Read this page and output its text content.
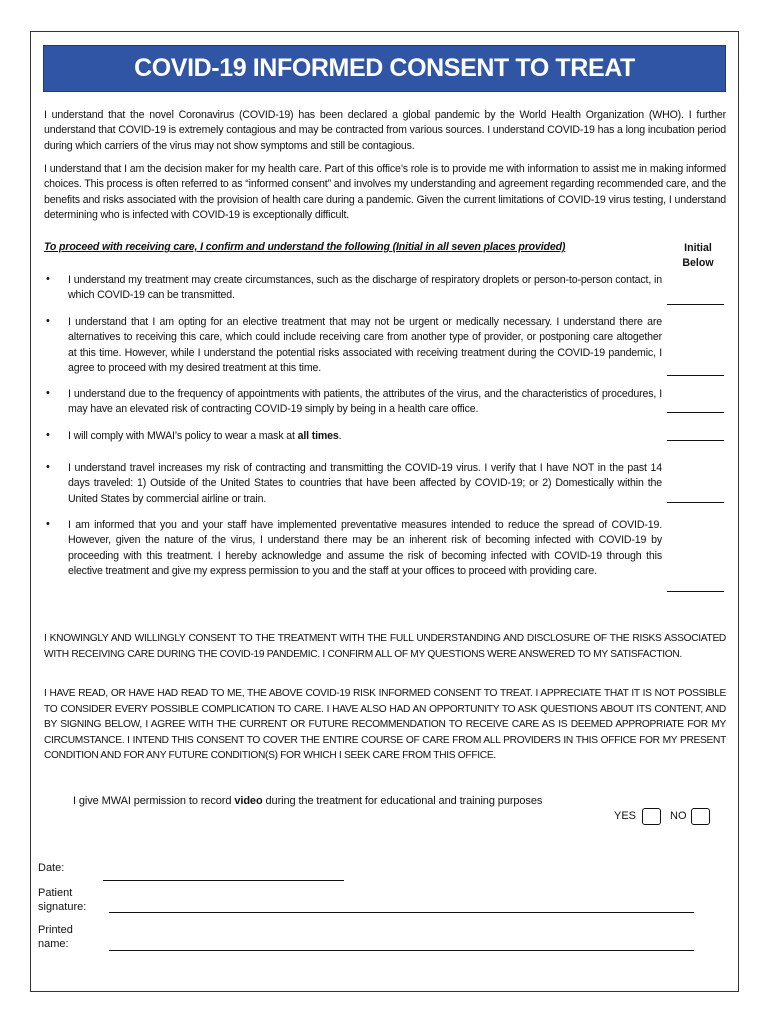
COVID-19 INFORMED CONSENT TO TREAT

I understand that the novel Coronavirus (COVID-19) has been declared a global pandemic by the World Health Organization (WHO). I further understand that COVID-19 is extremely contagious and may be contracted from various sources. I understand COVID-19 has a long incubation period during which carriers of the virus may not show symptoms and still be contagious.

I understand that I am the decision maker for my health care. Part of this office’s role is to provide me with information to assist me in making informed choices. This process is often referred to as “informed consent” and involves my understanding and agreement regarding recommended care, and the benefits and risks associated with the provision of health care during a pandemic. Given the current limitations of COVID-19 virus testing, I understand determining who is infected with COVID-19 is exceptionally difficult.

To proceed with receiving care, I confirm and understand the following (Initial in all seven places provided)	Initial Below
• I understand my treatment may create circumstances, such as the discharge of respiratory droplets or person-to-person contact, in which COVID-19 can be transmitted.

• I understand that I am opting for an elective treatment that may not be urgent or medically necessary. I understand there are alternatives to receiving this care, which could include receiving care from another type of provider, or postponing care altogether at this time. However, while I understand the potential risks associated with receiving treatment during the COVID-19 pandemic, I agree to proceed with my desired treatment at this time.

• I understand due to the frequency of appointments with patients, the attributes of the virus, and the characteristics of procedures, I may have an elevated risk of contracting COVID-19 simply by being in a health care office.

• I will comply with MWAI’s policy to wear a mask at all times.

• I understand travel increases my risk of contracting and transmitting the COVID-19 virus. I verify that I have NOT in the past 14 days traveled: 1) Outside of the United States to countries that have been affected by COVID-19; or 2) Domestically within the United States by commercial airline or train.

• I am informed that you and your staff have implemented preventative measures intended to reduce the spread of COVID-19. However, given the nature of the virus, I understand there may be an inherent risk of becoming infected with COVID-19 by proceeding with this treatment. I hereby acknowledge and assume the risk of becoming infected with COVID-19 through this elective treatment and give my express permission to you and the staff at your offices to proceed with providing care.

I KNOWINGLY AND WILLINGLY CONSENT TO THE TREATMENT WITH THE FULL UNDERSTANDING AND DISCLOSURE OF THE RISKS ASSOCIATED WITH RECEIVING CARE DURING THE COVID-19 PANDEMIC. I CONFIRM ALL OF MY QUESTIONS WERE ANSWERED TO MY SATISFACTION.

I HAVE READ, OR HAVE HAD READ TO ME, THE ABOVE COVID-19 RISK INFORMED CONSENT TO TREAT. I APPRECIATE THAT IT IS NOT POSSIBLE TO CONSIDER EVERY POSSIBLE COMPLICATION TO CARE. I HAVE ALSO HAD AN OPPORTUNITY TO ASK QUESTIONS ABOUT ITS CONTENT, AND BY SIGNING BELOW, I AGREE WITH THE CURRENT OR FUTURE RECOMMENDATION TO RECEIVE CARE AS IS DEEMED APPROPRIATE FOR MY CIRCUMSTANCE. I INTEND THIS CONSENT TO COVER THE ENTIRE COURSE OF CARE FROM ALL PROVIDERS IN THIS OFFICE FOR MY PRESENT CONDITION AND FOR ANY FUTURE CONDITION(S) FOR WHICH I SEEK CARE FROM THIS OFFICE.

I give MWAI permission to record video during the treatment for educational and training purposes
YES	NO
Date:
Patient signature:
Printed name:
